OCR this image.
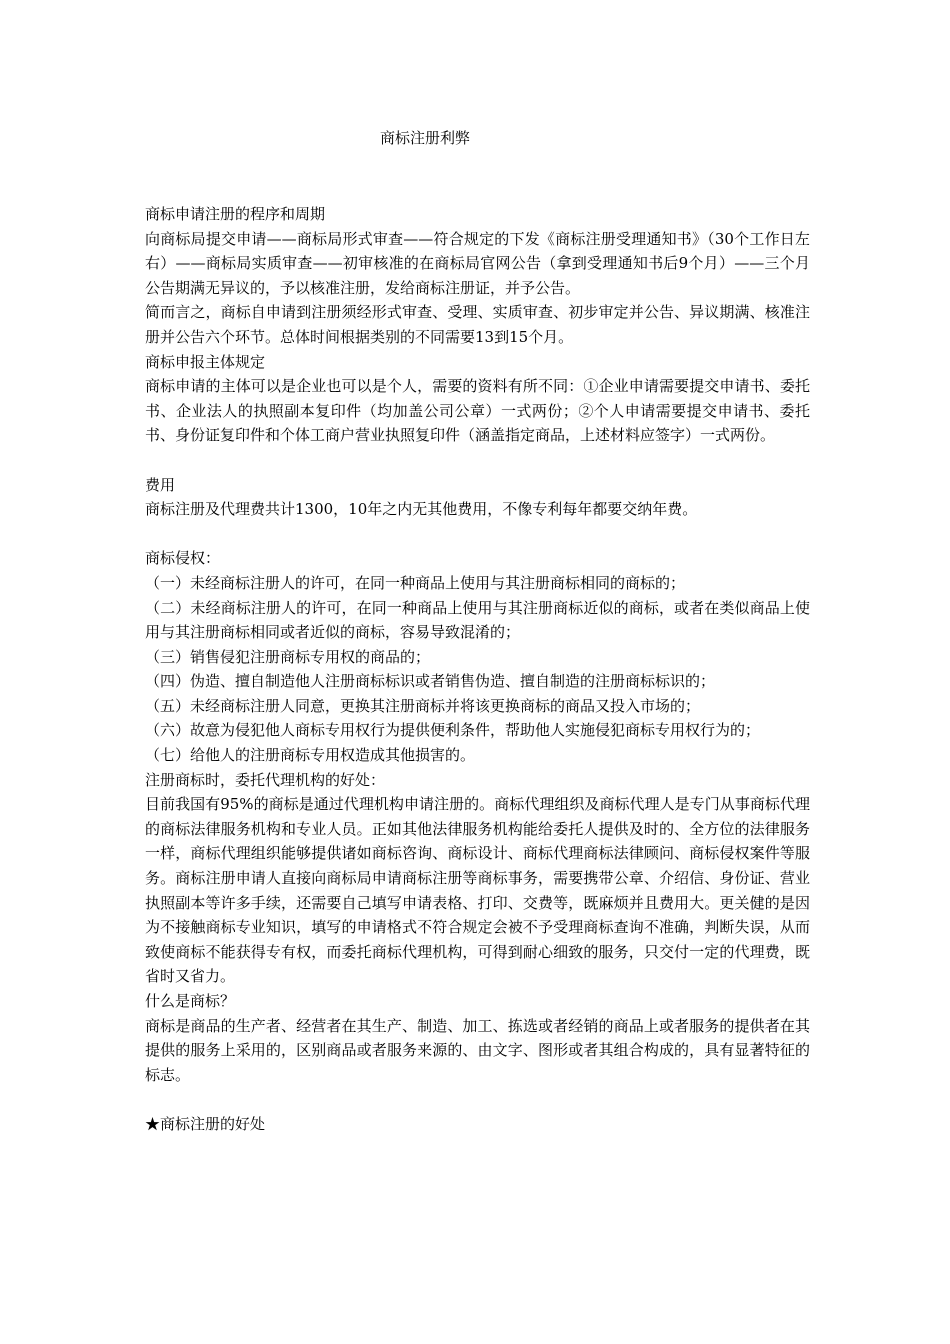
商标注册利弊

商标申请注册的程序和周期

向商标局提交申请——商标局形式审查——符合规定的下发《商标注册受理通知书》（30个工作日左右）——商标局实质审查——初审核准的在商标局官网公告（拿到受理通知书后9个月）——三个月公告期满无异议的，予以核准注册，发给商标注册证，并予公告。

简而言之，商标自申请到注册须经形式审查、受理、实质审查、初步审定并公告、异议期满、核准注册并公告六个环节。总体时间根据类别的不同需要13到15个月。

商标申报主体规定

商标申请的主体可以是企业也可以是个人，需要的资料有所不同：①企业申请需要提交申请书、委托书、企业法人的执照副本复印件（均加盖公司公章）一式两份；②个人申请需要提交申请书、委托书、身份证复印件和个体工商户营业执照复印件（涵盖指定商品，上述材料应签字）一式两份。

费用

商标注册及代理费共计1300，10年之内无其他费用，不像专利每年都要交纳年费。

商标侵权：

（一）未经商标注册人的许可，在同一种商品上使用与其注册商标相同的商标的；

（二）未经商标注册人的许可，在同一种商品上使用与其注册商标近似的商标，或者在类似商品上使用与其注册商标相同或者近似的商标，容易导致混淆的；

（三）销售侵犯注册商标专用权的商品的；

（四）伪造、擅自制造他人注册商标标识或者销售伪造、擅自制造的注册商标标识的；

（五）未经商标注册人同意，更换其注册商标并将该更换商标的商品又投入市场的；

（六）故意为侵犯他人商标专用权行为提供便利条件，帮助他人实施侵犯商标专用权行为的；

（七）给他人的注册商标专用权造成其他损害的。

注册商标时，委托代理机构的好处：

目前我国有95%的商标是通过代理机构申请注册的。商标代理组织及商标代理人是专门从事商标代理的商标法律服务机构和专业人员。正如其他法律服务机构能给委托人提供及时的、全方位的法律服务一样，商标代理组织能够提供诸如商标咨询、商标设计、商标代理商标法律顾问、商标侵权案件等服务。商标注册申请人直接向商标局申请商标注册等商标事务，需要携带公章、介绍信、身份证、营业执照副本等许多手续，还需要自己填写申请表格、打印、交费等，既麻烦并且费用大。更关健的是因为不接触商标专业知识，填写的申请格式不符合规定会被不予受理商标查询不准确，判断失误，从而致使商标不能获得专有权，而委托商标代理机构，可得到耐心细致的服务，只交付一定的代理费，既省时又省力。

什么是商标？

商标是商品的生产者、经营者在其生产、制造、加工、拣选或者经销的商品上或者服务的提供者在其提供的服务上采用的，区别商品或者服务来源的、由文字、图形或者其组合构成的，具有显著特征的标志。

★商标注册的好处
